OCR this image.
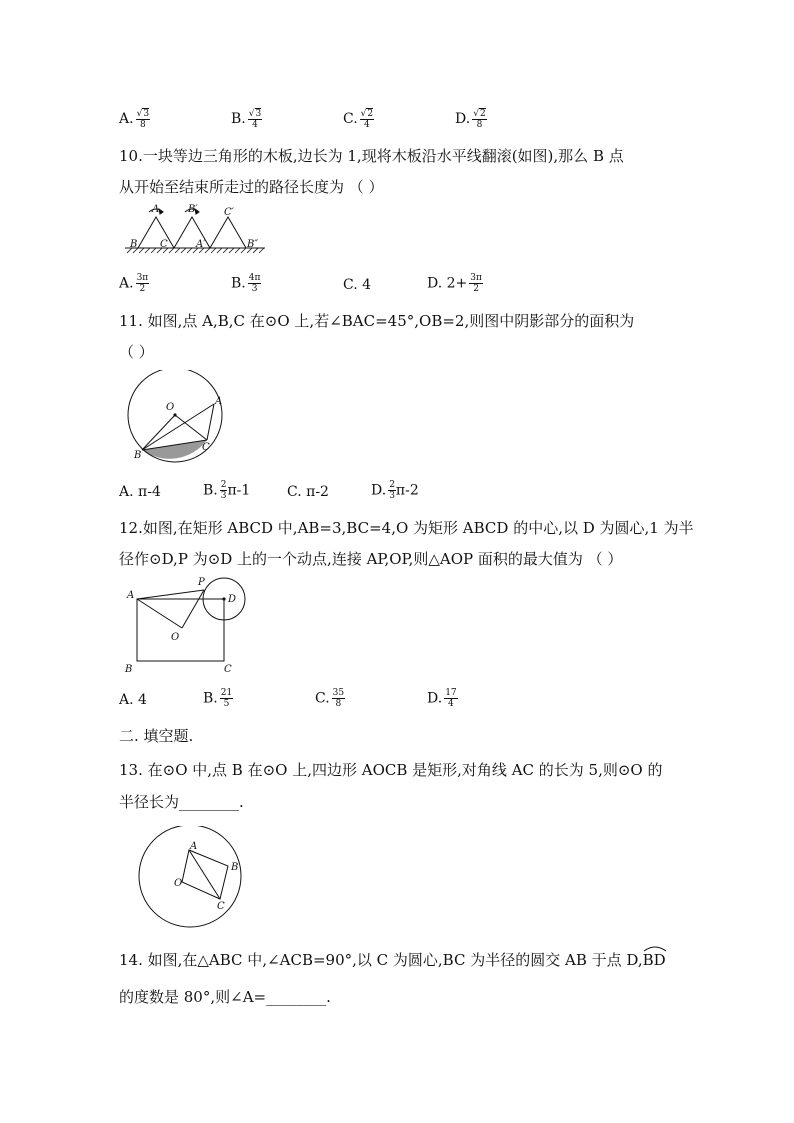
A. $\frac{√3}{8}$	B. $\frac{√3}{4}$	C. $\frac{√2}{4}$	D. $\frac{√2}{8}$
10.一块等边三角形的木板,边长为 1,现将木板沿水平线翻滚(如图),那么 B 点
从开始至结束所走过的路径长度为 （ ）
A	B′	C′
B C	A′	B″
A. $\frac{3\pi}{2}$	B. $\frac{4\pi}{3}$	C. 4	D. $2+ \frac{3\pi}{2}$
11. 如图,点 A,B,C 在⊙O 上,若∠BAC=45°,OB=2,则图中阴影部分的面积为
（ ）
O
A
B
C
A. π-4	B. $\frac{2}{3} \pi-1$	C. π-2	D. $\frac{2}{3} \pi-2$
12.如图,在矩形 ABCD 中,AB=3,BC=4,O 为矩形 ABCD 的中心,以 D 为圆心,1 为半
径作⊙D,P 为⊙D 上的一个动点,连接 AP,OP,则△AOP 面积的最大值为 （ ）
A
P
D
O
B	C
A. 4	B. $\frac{21}{5}$	C. $\frac{35}{8}$	D. $\frac{17}{4}$
二. 填空题.
13. 在⊙O 中,点 B 在⊙O 上,四边形 AOCB 是矩形,对角线 AC 的长为 5,则⊙O 的
半径长为________.
A
O
B
C
14. 如图,在△ABC 中,∠ACB=90°,以 C 为圆心,BC 为半径的圆交 AB 于点 D,
BD
的度数是 80°,则∠A=________.
